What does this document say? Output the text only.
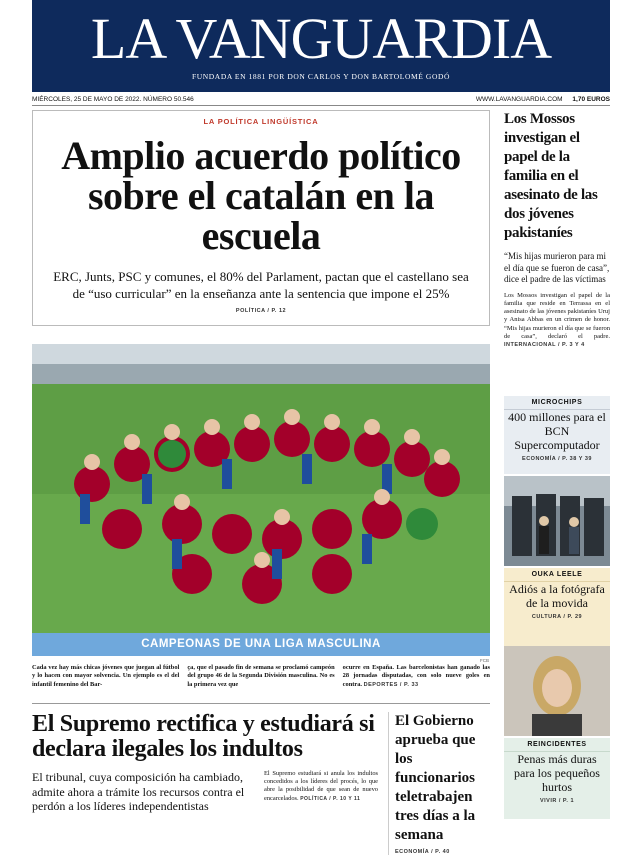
LA VANGUARDIA
FUNDADA EN 1881 POR DON CARLOS Y DON BARTOLOMÉ GODÓ
MIÉRCOLES, 25 DE MAYO DE 2022. NÚMERO 50.546	WWW.LAVANGUARDIA.COM 1,70 EUROS
LA POLÍTICA LINGÜÍSTICA
Amplio acuerdo político sobre el catalán en la escuela
ERC, Junts, PSC y comunes, el 80% del Parlament, pactan que el castellano sea de “uso curricular” en la enseñanza ante la sentencia que impone el 25%
POLÍTICA / P. 12
CAMPEONAS DE UNA LIGA MASCULINA
FCB
Cada vez hay más chicas jóvenes que juegan al fútbol y lo hacen con mayor solvencia. Un ejemplo es el del infantil femenino del Bar-
ça, que el pasado fin de semana se proclamó campeón del grupo 46 de la Segunda División masculina. No es la primera vez que
ocurre en España. Las barcelonistas han ganado las 28 jornadas disputadas, con solo nueve goles en contra. DEPORTES / P. 33
El Supremo rectifica y estudiará si declara ilegales los indultos
El tribunal, cuya composición ha cambiado, admite ahora a trámite los recursos contra el perdón a los líderes independentistas
El Supremo estudiará si anula los indultos concedidos a los líderes del procés, lo que abre la posibilidad de que sean de nuevo encarcelados. POLÍTICA / P. 10 Y 11
El Gobierno aprueba que los funcionarios teletrabajen tres días a la semana
ECONOMÍA / P. 40
Los Mossos investigan el papel de la familia en el asesinato de las dos jóvenes pakistaníes
“Mis hijas murieron para mi el día que se fueron de casa”, dice el padre de las víctimas
Los Mossos investigan el papel de la familia que reside en Terrassa en el asesinato de las jóvenes pakistaníes Uruj y Anisa Abbas en un crimen de honor. “Mis hijas murieron el día que se fueron de casa”, declaró el padre. INTERNACIONAL / P. 3 Y 4
MICROCHIPS
400 millones para el BCN Supercomputador
ECONOMÍA / P. 38 Y 39
OUKA LEELE
Adiós a la fotógrafa de la movida
CULTURA / P. 29
REINCIDENTES
Penas más duras para los pequeños hurtos
VIVIR / P. 1
